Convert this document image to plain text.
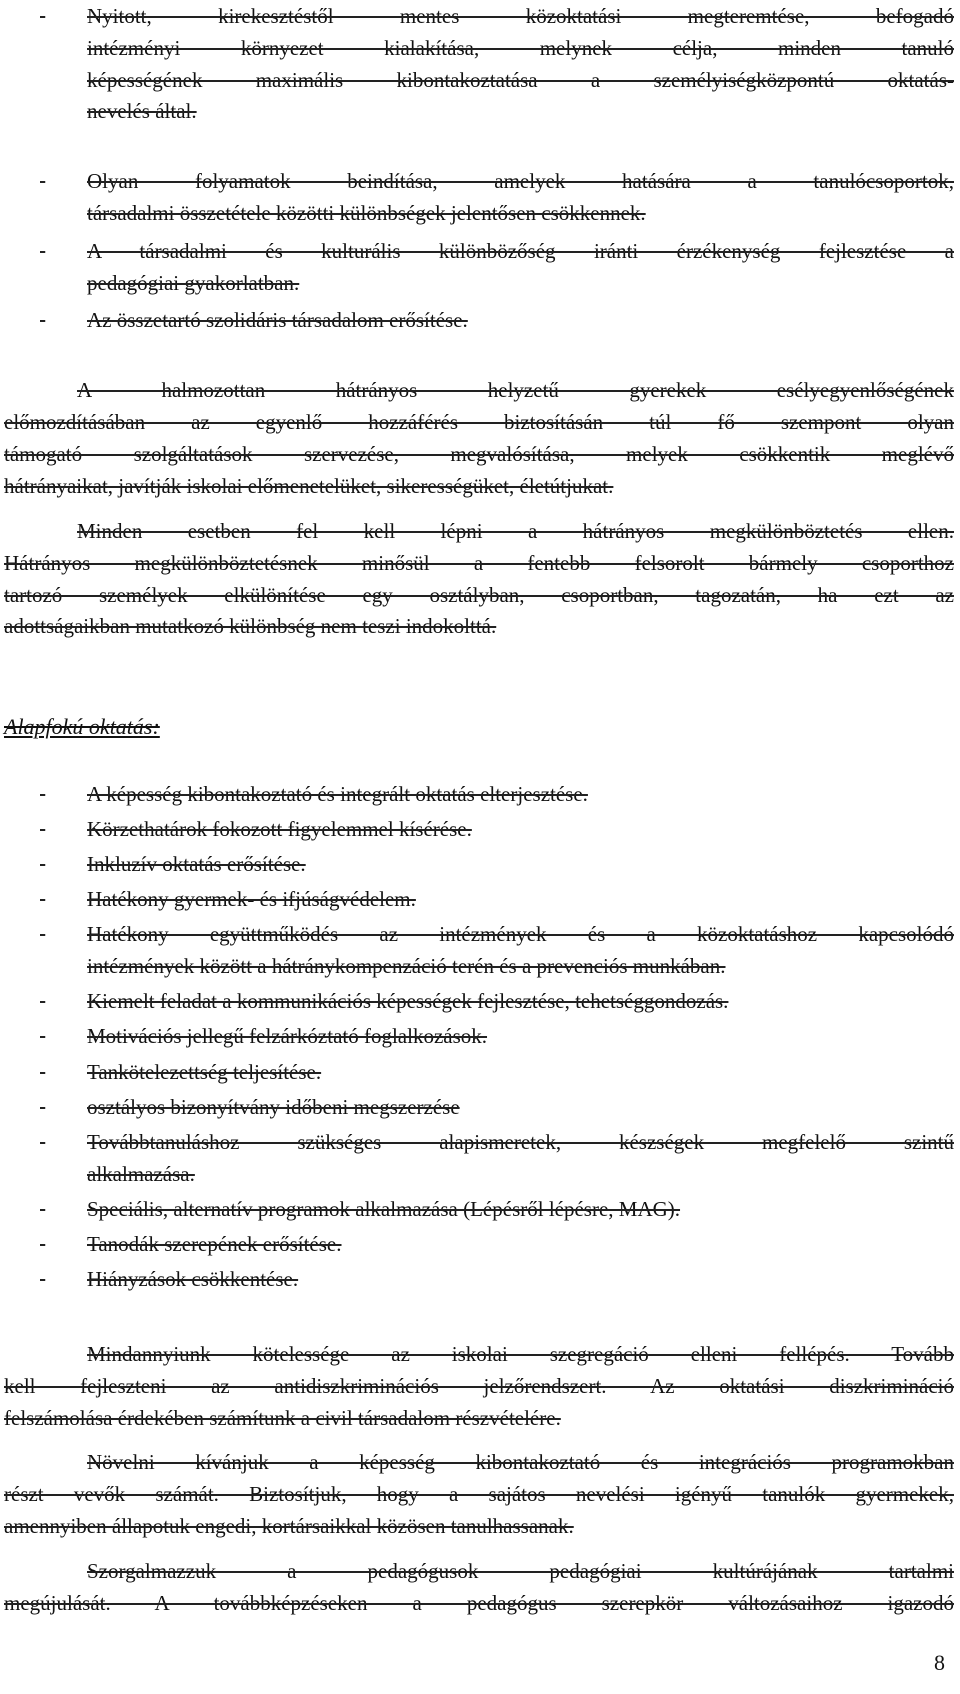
Nyitott, kirekesztéstől mentes közoktatási megteremtése, befogadó
intézményi környezet kialakítása, melynek célja, minden tanuló
képességének maximális kibontakoztatása a személyiségközpontú oktatás-
nevelés által.

Olyan folyamatok beindítása, amelyek hatására a tanulócsoportok,
társadalmi összetétele közötti különbségek jelentősen csökkennek.

A társadalmi és kulturális különbözőség iránti érzékenység fejlesztése a
pedagógiai gyakorlatban.

Az összetartó szolidáris társadalom erősítése.
A halmozottan hátrányos helyzetű gyerekek esélyegyenlőségének
előmozdításában az egyenlő hozzáférés biztosításán túl fő szempont olyan
támogató szolgáltatások szervezése, megvalósítása, melyek csökkentik meglévő
hátrányaikat, javítják iskolai előmenetelüket, sikerességüket, életútjukat.
Minden esetben fel kell lépni a hátrányos megkülönböztetés ellen.
Hátrányos megkülönböztetésnek minősül a fentebb felsorolt bármely csoporthoz
tartozó személyek elkülönítése egy osztályban, csoportban, tagozatán, ha ezt az
adottságaikban mutatkozó különbség nem teszi indokolttá.
Alapfokú oktatás:

A képesség kibontakoztató és integrált oktatás elterjesztése.

Körzethatárok fokozott figyelemmel kísérése.

Inkluzív oktatás erősítése.

Hatékony gyermek- és ifjúságvédelem.

Hatékony együttműködés az intézmények és a közoktatáshoz kapcsolódó
intézmények között a hátránykompenzáció terén és a prevenciós munkában.

Kiemelt feladat a kommunikációs képességek fejlesztése, tehetséggondozás.

Motivációs jellegű felzárkóztató foglalkozások.

Tankötelezettség teljesítése.

osztályos bizonyítvány időbeni megszerzése

Továbbtanuláshoz szükséges alapismeretek, készségek megfelelő szintű
alkalmazása.

Speciális, alternatív programok alkalmazása (Lépésről lépésre, MAG).

Tanodák szerepének erősítése.

Hiányzások csökkentése.
Mindannyiunk kötelessége az iskolai szegregáció elleni fellépés. Tovább
kell fejleszteni az antidiszkriminációs jelzőrendszert. Az oktatási diszkrimináció
felszámolása érdekében számítunk a civil társadalom részvételére.
Növelni kívánjuk a képesség kibontakoztató és integrációs programokban
részt vevők számát. Biztosítjuk, hogy a sajátos nevelési igényű tanulók gyermekek,
amennyiben állapotuk engedi, kortársaikkal közösen tanulhassanak.
Szorgalmazzuk a pedagógusok pedagógiai kultúrájának tartalmi
megújulását. A továbbképzéseken a pedagógus szerepkör változásaihoz igazodó
8
